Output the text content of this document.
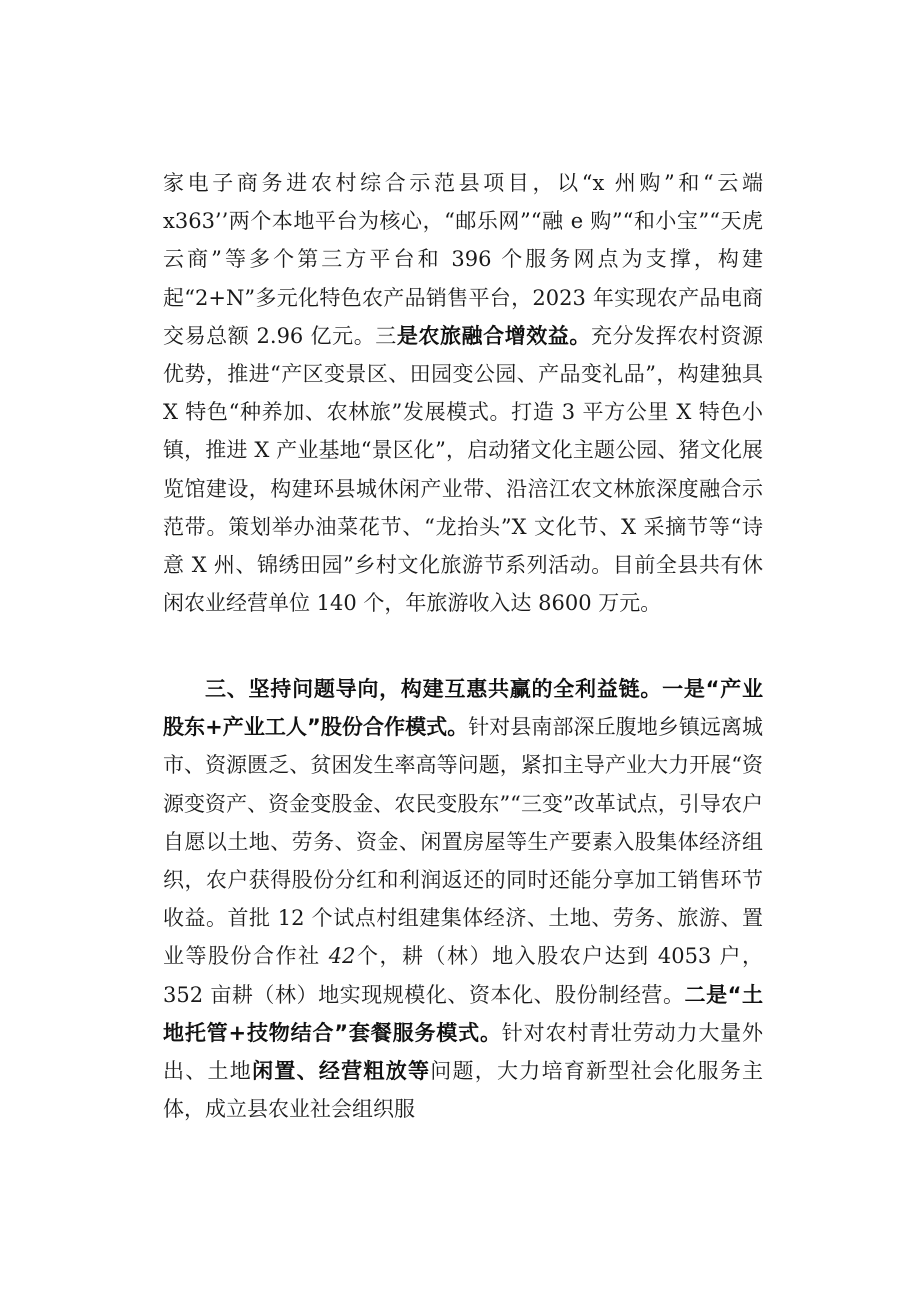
家电子商务进农村综合示范县项目，以“x 州购”和“云端 x363’’两个本地平台为核心，“邮乐网”“融 e 购”“和小宝”“天虎云商”等多个第三方平台和 396 个服务网点为支撑，构建起“2+N”多元化特色农产品销售平台，2023 年实现农产品电商交易总额 2.96 亿元。三是农旅融合增效益。充分发挥农村资源优势，推进“产区变景区、田园变公园、产品变礼品”，构建独具 X 特色“种养加、农林旅”发展模式。打造 3 平方公里 X 特色小镇，推进 X 产业基地“景区化”，启动猪文化主题公园、猪文化展览馆建设，构建环县城休闲产业带、沿涪江农文林旅深度融合示范带。策划举办油菜花节、“龙抬头”X 文化节、X 采摘节等“诗意 X 州、锦绣田园”乡村文化旅游节系列活动。目前全县共有休闲农业经营单位 140 个，年旅游收入达 8600 万元。

三、坚持问题导向，构建互惠共赢的全利益链。一是“产业股东+产业工人”股份合作模式。针对县南部深丘腹地乡镇远离城市、资源匮乏、贫困发生率高等问题，紧扣主导产业大力开展“资源变资产、资金变股金、农民变股东”“三变”改革试点，引导农户自愿以土地、劳务、资金、闲置房屋等生产要素入股集体经济组织，农户获得股份分红和利润返还的同时还能分享加工销售环节收益。首批 12 个试点村组建集体经济、土地、劳务、旅游、置业等股份合作社 42个，耕（林）地入股农户达到 4053 户，352 亩耕（林）地实现规模化、资本化、股份制经营。二是“土地托管+技物结合”套餐服务模式。针对农村青壮劳动力大量外出、土地闲置、经营粗放等问题，大力培育新型社会化服务主体，成立县农业社会组织服
